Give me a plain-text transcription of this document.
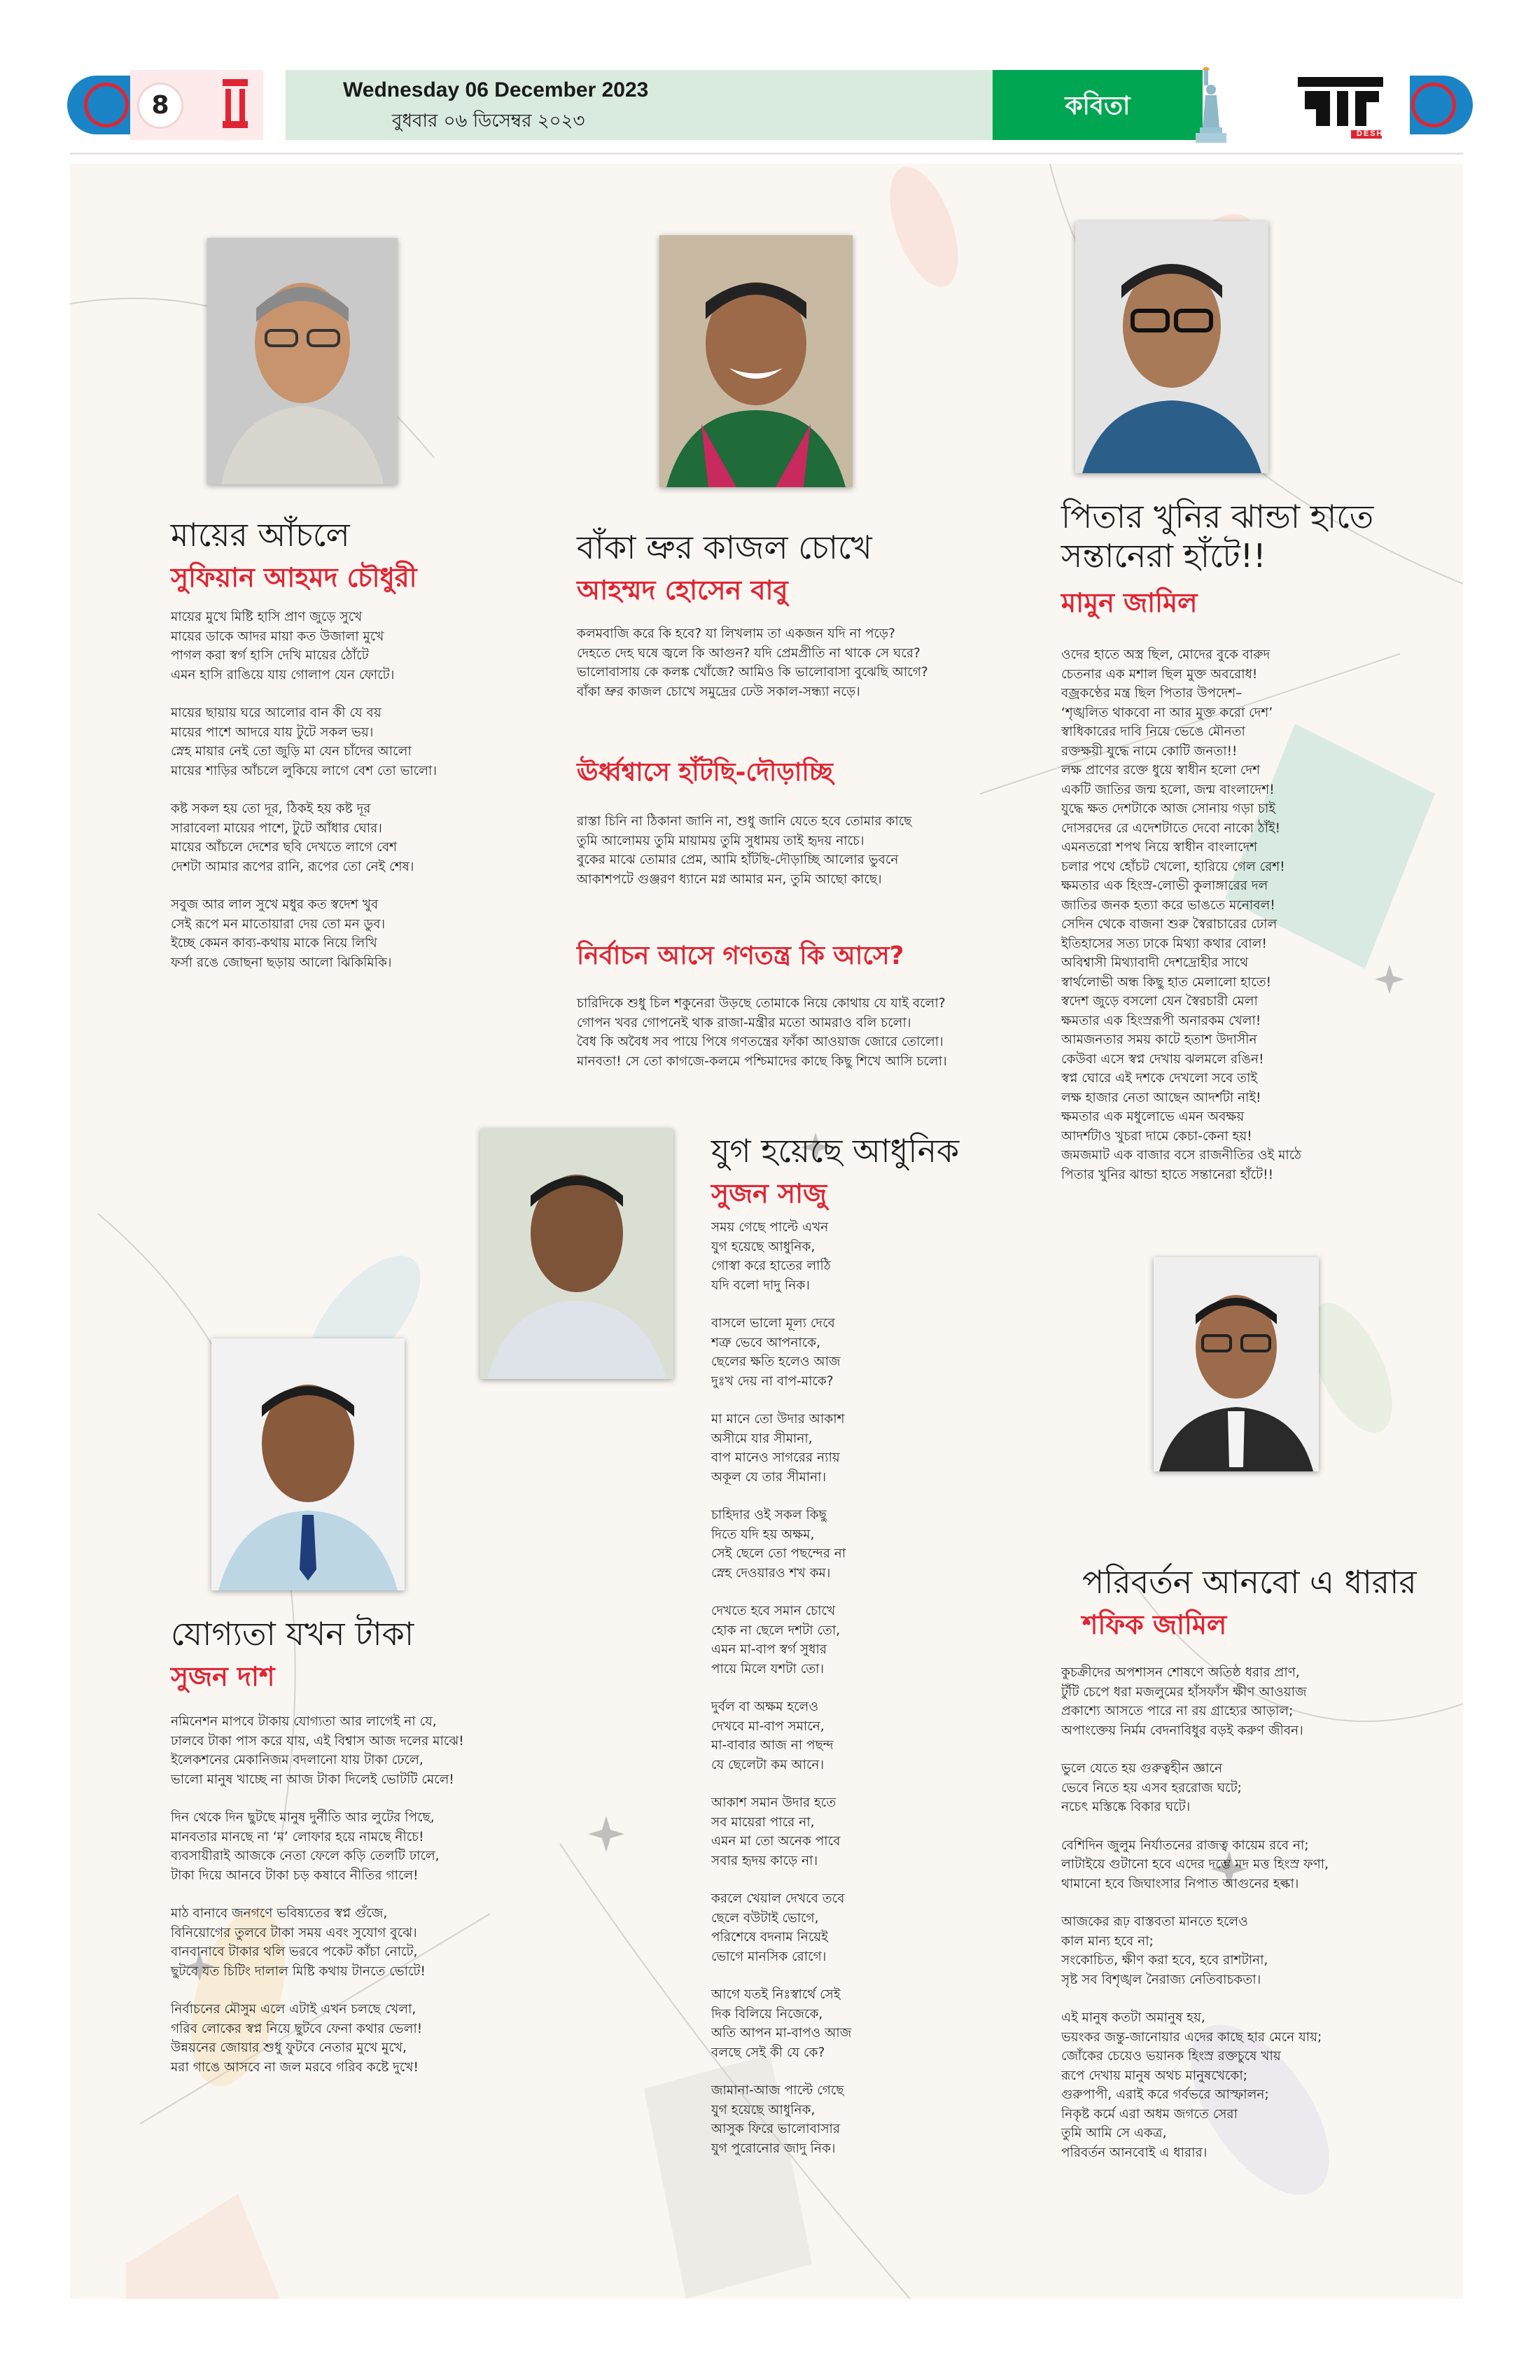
8
Wednesday 06 December 2023
বুধবার ০৬ ডিসেম্বর ২০২৩
কবিতা
DESH
মায়ের আঁচলে
সুফিয়ান আহমদ চৌধুরী
মায়ের মুখে মিষ্টি হাসি প্রাণ জুড়ে সুখে
মায়ের ডাকে আদর মায়া কত উজালা মুখে
পাগল করা স্বর্গ হাসি দেখি মায়ের ঠোঁটে
এমন হাসি রাঙিয়ে যায় গোলাপ যেন ফোটে।
মায়ের ছায়ায় ঘরে আলোর বান কী যে বয়
মায়ের পাশে আদরে যায় টুটে সকল ভয়।
স্নেহ মায়ার নেই তো জুড়ি মা যেন চাঁদের আলো
মায়ের শাড়ির আঁচলে লুকিয়ে লাগে বেশ তো ভালো।
কষ্ট সকল হয় তো দূর, ঠিকই হয় কষ্ট দূর
সারাবেলা মায়ের পাশে, টুটে আঁধার ঘোর।
মায়ের আঁচলে দেশের ছবি দেখতে লাগে বেশ
দেশটা আমার রূপের রানি, রূপের তো নেই শেষ।
সবুজ আর লাল সুখে মধুর কত স্বদেশ খুব
সেই রূপে মন মাতোয়ারা দেয় তো মন ডুব।
ইচ্ছে কেমন কাব্য-কথায় মাকে নিয়ে লিখি
ফর্সা রঙে জোছনা ছড়ায় আলো ঝিকিমিকি।
বাঁকা ভ্রুর কাজল চোখে
আহম্মদ হোসেন বাবু
কলমবাজি করে কি হবে? যা লিখলাম তা একজন যদি না পড়ে?
দেহতে দেহ ঘষে জ্বলে কি আগুন? যদি প্রেমপ্রীতি না থাকে সে ঘরে?
ভালোবাসায় কে কলঙ্ক খোঁজে? আমিও কি ভালোবাসা বুঝেছি আগে?
বাঁকা ভ্রুর কাজল চোখে সমুদ্রের ঢেউ সকাল-সন্ধ্যা নড়ে।
ঊর্ধ্বশ্বাসে হাঁটছি-দৌড়াচ্ছি
রাস্তা চিনি না ঠিকানা জানি না, শুধু জানি যেতে হবে তোমার কাছে
তুমি আলোময় তুমি মায়াময় তুমি সুধাময় তাই হৃদয় নাচে।
বুকের মাঝে তোমার প্রেম, আমি হাঁটছি-দৌড়াচ্ছি আলোর ভুবনে
আকাশপটে গুঞ্জরণ ধ্যানে মগ্ন আমার মন, তুমি আছো কাছে।
নির্বাচন আসে গণতন্ত্র কি আসে?
চারিদিকে শুধু চিল শকুনেরা উড়ছে তোমাকে নিয়ে কোথায় যে যাই বলো?
গোপন খবর গোপনেই থাক রাজা-মন্ত্রীর মতো আমরাও বলি চলো।
বৈধ কি অবৈধ সব পায়ে পিষে গণতন্ত্রের ফাঁকা আওয়াজ জোরে তোলো।
মানবতা! সে তো কাগজে-কলমে পশ্চিমাদের কাছে কিছু শিখে আসি চলো।
পিতার খুনির ঝান্ডা হাতে
সন্তানেরা হাঁটে!!
মামুন জামিল
ওদের হাতে অস্ত্র ছিল, মোদের বুকে বারুদ
চেতনার এক মশাল ছিল মুক্ত অবরোধ!
বজ্রকণ্ঠের মন্ত্র ছিল পিতার উপদেশ–
‘শৃঙ্খলিত থাকবো না আর মুক্ত করো দেশ’
স্বাধিকারের দাবি নিয়ে ভেঙে মৌনতা
রক্তক্ষয়ী যুদ্ধে নামে কোটি জনতা!!
লক্ষ প্রাণের রক্তে ধুয়ে স্বাধীন হলো দেশ
একটি জাতির জন্ম হলো, জন্ম বাংলাদেশ!
যুদ্ধে ক্ষত দেশটাকে আজ সোনায় গড়া চাই
দোসরদের রে এদেশটাতে দেবো নাকো ঠাঁই!
এমনতরো শপথ নিয়ে স্বাধীন বাংলাদেশ
চলার পথে হোঁচট খেলো, হারিয়ে গেল রেশ!
ক্ষমতার এক হিংস্র-লোভী কুলাঙ্গারের দল
জাতির জনক হত্যা করে ভাঙতে মনোবল!
সেদিন থেকে বাজনা শুরু স্বৈরাচারের ঢোল
ইতিহাসের সত্য ঢাকে মিথ্যা কথার বোল!
অবিশ্বাসী মিথ্যাবাদী দেশদ্রোহীর সাথে
স্বার্থলোভী অন্ধ কিছু হাত মেলালো হাতে!
স্বদেশ জুড়ে বসলো যেন স্বৈরচারী মেলা
ক্ষমতার এক হিংস্ররূপী অনারকম খেলা!
আমজনতার সময় কাটে হতাশ উদাসীন
কেউবা এসে স্বপ্ন দেখায় ঝলমলে রঙিন!
স্বপ্ন ঘোরে এই দশকে দেখলো সবে তাই
লক্ষ হাজার নেতা আছেন আদর্শটা নাই!
ক্ষমতার এক মধুলোভে এমন অবক্ষয়
আদর্শটাও খুচরা দামে কেচা-কেনা হয়!
জমজমাট এক বাজার বসে রাজনীতির ওই মাঠে
পিতার খুনির ঝান্ডা হাতে সন্তানেরা হাঁটে!!
যুগ হয়েছে আধুনিক
সুজন সাজু
সময় গেছে পাল্টে এখন
যুগ হয়েছে আধুনিক,
গোস্বা করে হাতের লাঠি
যদি বলো দাদু নিক।
বাসলে ভালো মূল্য দেবে
শত্রু ভেবে আপনাকে,
ছেলের ক্ষতি হলেও আজ
দুঃখ দেয় না বাপ-মাকে?
মা মানে তো উদার আকাশ
অসীমে যার সীমানা,
বাপ মানেও সাগরের ন্যায়
অকূল যে তার সীমানা।
চাহিদার ওই সকল কিছু
দিতে যদি হয় অক্ষম,
সেই ছেলে তো পছন্দের না
স্নেহ দেওয়ারও শখ কম।
দেখতে হবে সমান চোখে
হোক না ছেলে দশটা তো,
এমন মা-বাপ স্বর্গ সুধার
পায়ে মিলে যশটা তো।
দুর্বল বা অক্ষম হলেও
দেখবে মা-বাপ সমানে,
মা-বাবার আজ না পছন্দ
যে ছেলেটা কম আনে।
আকাশ সমান উদার হতে
সব মায়েরা পারে না,
এমন মা তো অনেক পাবে
সবার হৃদয় কাড়ে না।
করলে খেয়াল দেখবে তবে
ছেলে বউটাই ভোগে,
পরিশেষে বদনাম নিয়েই
ভোগে মানসিক রোগে।
আগে যতই নিঃস্বার্থে সেই
দিক বিলিয়ে নিজেকে,
অতি আপন মা-বাপও আজ
বলছে সেই কী যে কে?
জামানা-আজ পাল্টে গেছে
যুগ হয়েছে আধুনিক,
আসুক ফিরে ভালোবাসার
যুগ পুরোনোর জাদু নিক।
যোগ্যতা যখন টাকা
সুজন দাশ
নমিনেশন মাপবে টাকায় যোগ্যতা আর লাগেই না যে,
ঢালবে টাকা পাস করে যায়, এই বিশ্বাস আজ দলের মাঝে!
ইলেকশনের মেকানিজম বদলানো যায় টাকা ঢেলে,
ভালো মানুষ খাচ্ছে না আজ টাকা দিলেই ভোটটি মেলে!
দিন থেকে দিন ছুটছে মানুষ দুর্নীতি আর লুটের পিছে,
মানবতার মানছে না ‘ম’ লোফার হয়ে নামছে নীচে!
ব্যবসায়ীরাই আজকে নেতা ফেলে কড়ি তেলটি ঢালে,
টাকা দিয়ে আনবে টাকা চড় কষাবে নীতির গালে!
মাঠ বানাবে জনগণে ভবিষ্যতের স্বপ্ন গুঁজে,
বিনিয়োগের তুলবে টাকা সময় এবং সুযোগ বুঝে।
বানবানাবে টাকার থলি ভরবে পকেট কাঁচা নোটে,
ছুটবে যত চিটিং দালাল মিষ্টি কথায় টানতে ভোটে!
নির্বাচনের মৌসুম এলে এটাই এখন চলছে খেলা,
গরিব লোকের স্বপ্ন নিয়ে ছুটবে ফেনা কথার ভেলা!
উন্নয়নের জোয়ার শুধু ফুটবে নেতার মুখে মুখে,
মরা গাঙে আসবে না জল মরবে গরিব কষ্টে দুখে!
পরিবর্তন আনবো এ ধারার
শফিক জামিল
কুচক্রীদের অপশাসন শোষণে অতিষ্ঠ ধরার প্রাণ,
টুঁটি চেপে ধরা মজলুমের হাঁসফাঁস ক্ষীণ আওয়াজ
প্রকাশ্যে আসতে পারে না রয় গ্রাহ্যের আড়াল;
অপাংক্তেয় নির্মম বেদনাবিধুর বড়ই করুণ জীবন।
ভুলে যেতে হয় গুরুত্বহীন জ্ঞানে
ভেবে নিতে হয় এসব হররোজ ঘটে;
নচেৎ মস্তিষ্কে বিকার ঘটে।
বেশিদিন জুলুম নির্যাতনের রাজত্ব কায়েম রবে না;
লাটাইয়ে গুটানো হবে এদের দম্ভে মদ মত্ত হিংস্র ফণা,
থামানো হবে জিঘাংসার নিপাত আগুনের হল্কা।
আজকের রূঢ় বাস্তবতা মানতে হলেও
কাল মান্য হবে না;
সংকোচিত, ক্ষীণ করা হবে, হবে রাশটানা,
সৃষ্ট সব বিশৃঙ্খল নৈরাজ্য নেতিবাচকতা।
এই মানুষ কতটা অমানুষ হয়,
ভয়ংকর জন্তু-জানোয়ার এদের কাছে হার মেনে যায়;
জোঁকের চেয়েও ভয়ানক হিংস্র রক্তচুষে খায়
রূপে দেখায় মানুষ অথচ মানুষখেকো;
গুরুপাপী, এরাই করে গর্বভরে আস্ফালন;
নিকৃষ্ট কর্মে এরা অধম জগতে সেরা
তুমি আমি সে একত্র,
পরিবর্তন আনবোই এ ধারার।
